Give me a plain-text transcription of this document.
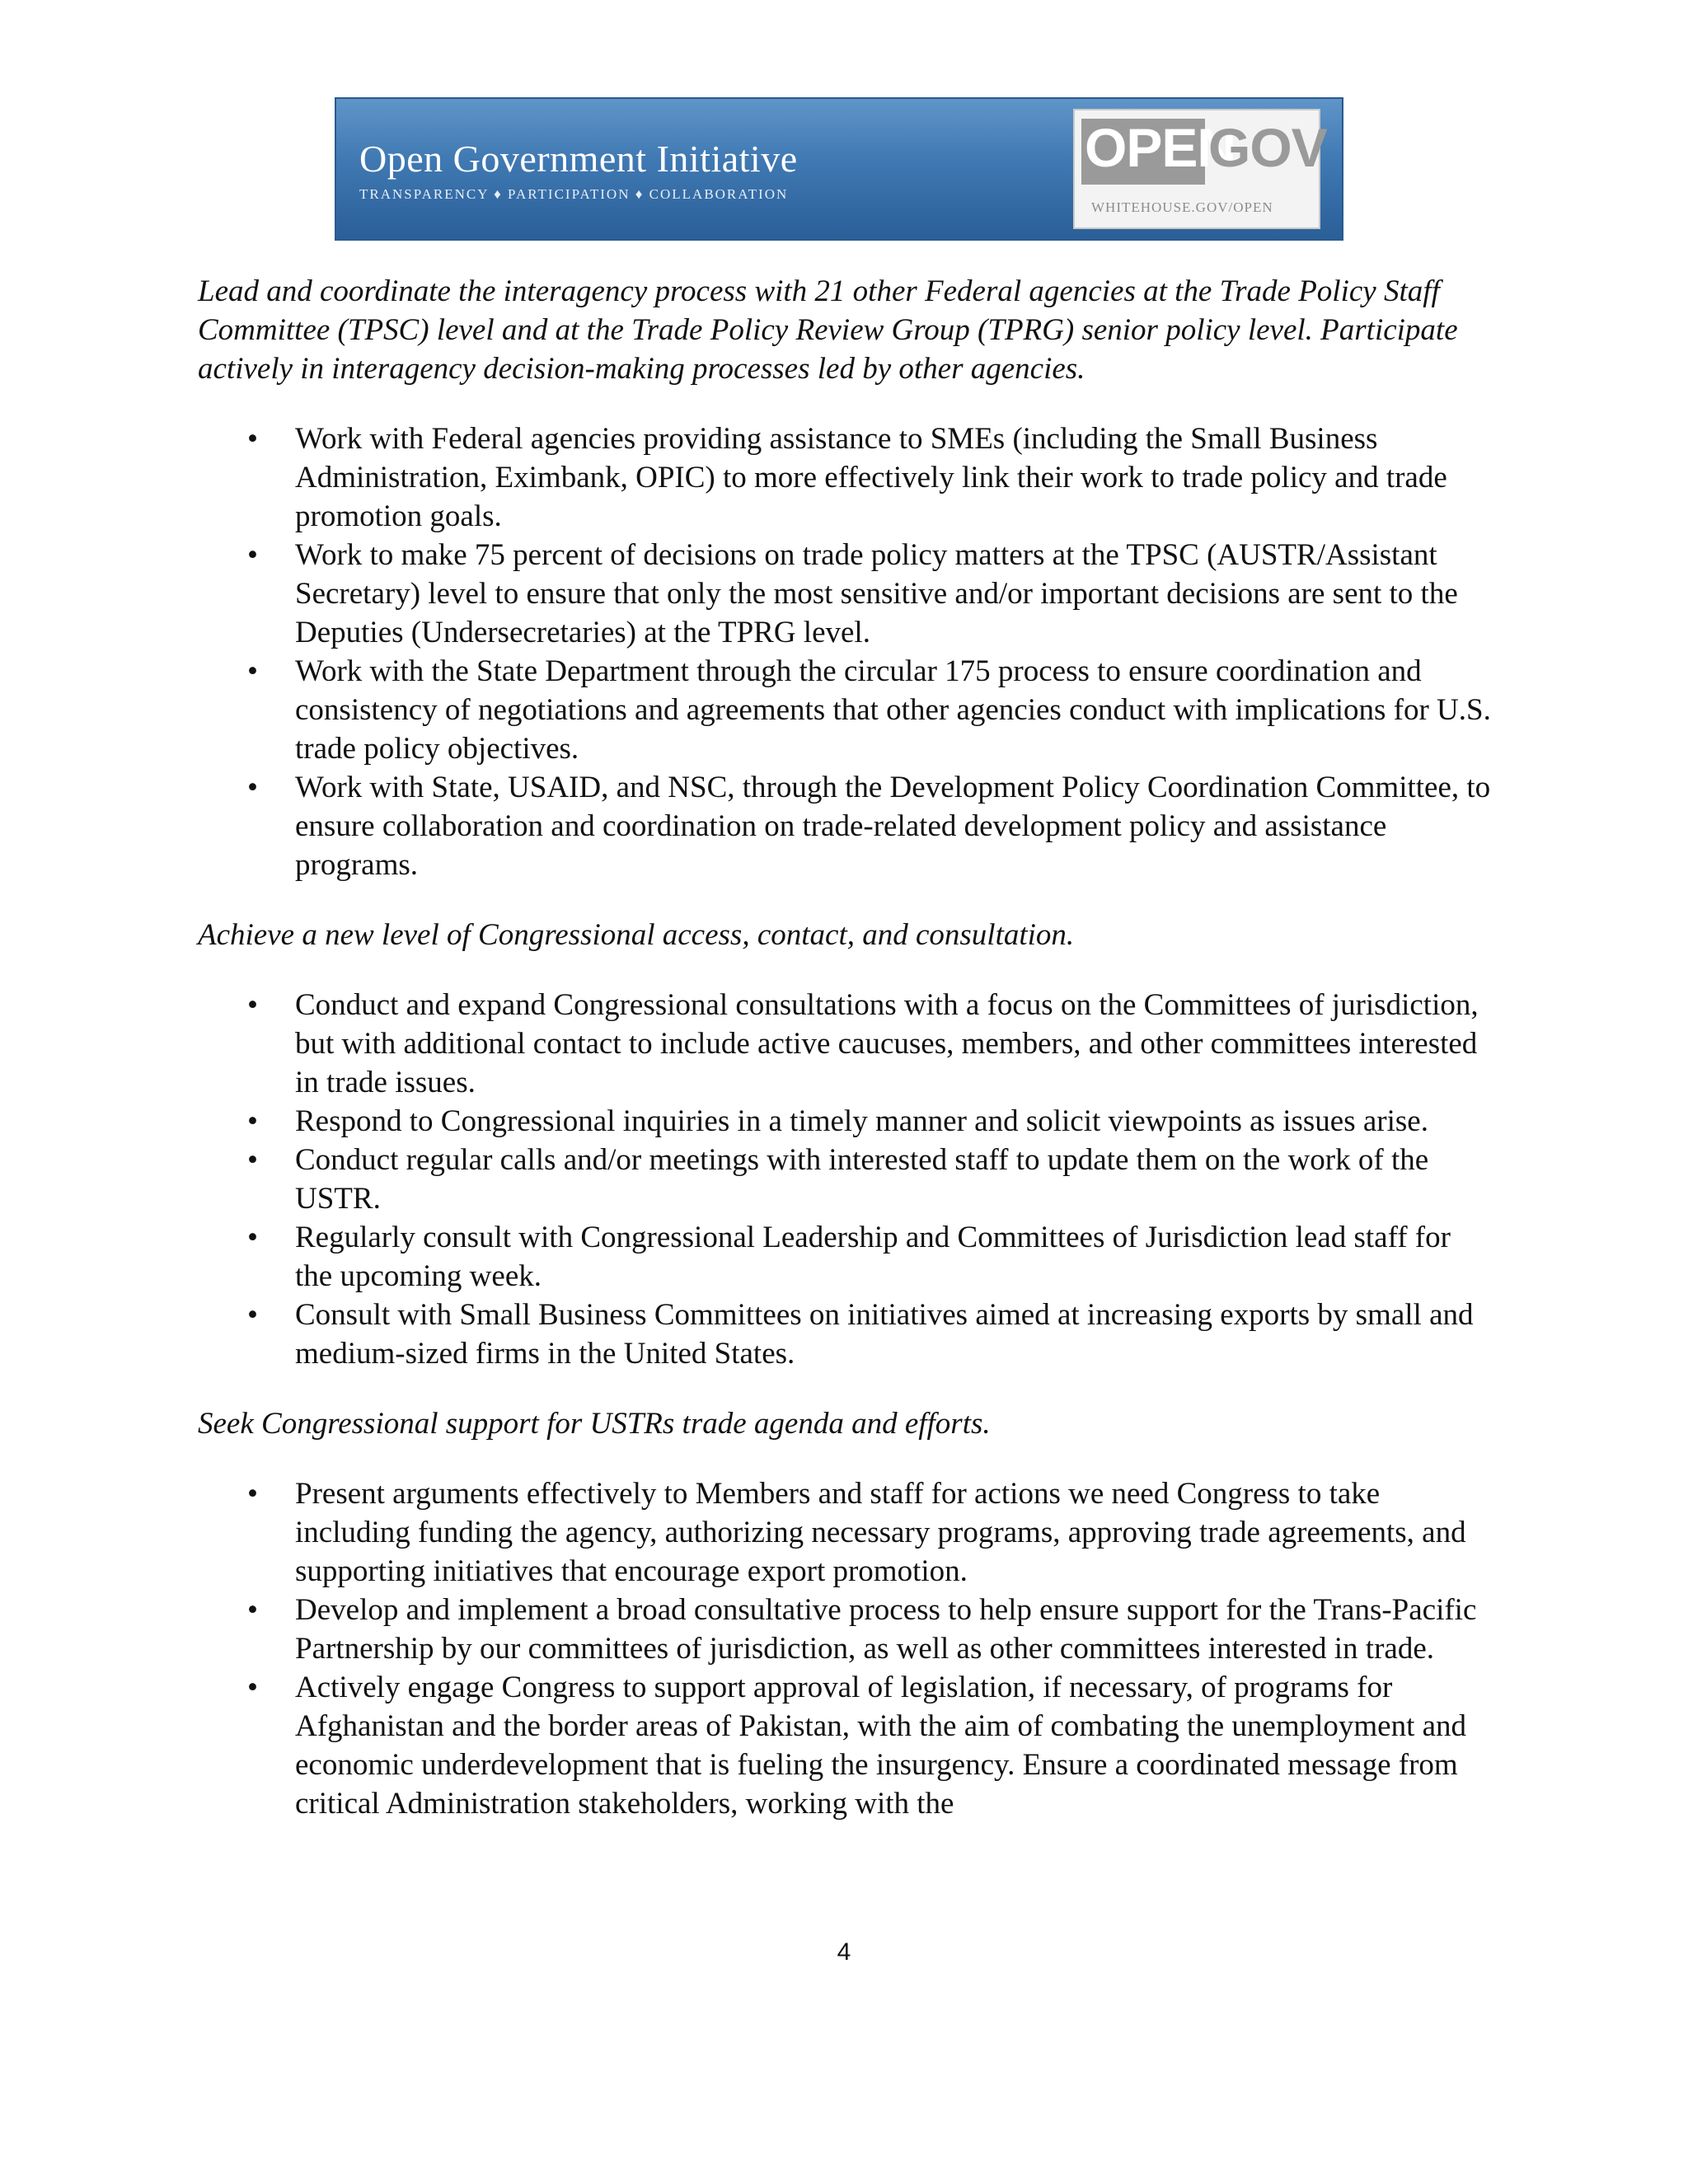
Open Government Initiative
TRANSPARENCY ♦ PARTICIPATION ♦ COLLABORATION
OPEN
GOV
WHITEHOUSE.GOV/OPEN

Lead and coordinate the interagency process with 21 other Federal agencies at the Trade Policy Staff Committee (TPSC) level and at the Trade Policy Review Group (TPRG) senior policy level. Participate actively in interagency decision-making processes led by other agencies.

• Work with Federal agencies providing assistance to SMEs (including the Small Business Administration, Eximbank, OPIC) to more effectively link their work to trade policy and trade promotion goals.
• Work to make 75 percent of decisions on trade policy matters at the TPSC (AUSTR/Assistant Secretary) level to ensure that only the most sensitive and/or important decisions are sent to the Deputies (Undersecretaries) at the TPRG level.
• Work with the State Department through the circular 175 process to ensure coordination and consistency of negotiations and agreements that other agencies conduct with implications for U.S. trade policy objectives.
• Work with State, USAID, and NSC, through the Development Policy Coordination Committee, to ensure collaboration and coordination on trade-related development policy and assistance programs.

Achieve a new level of Congressional access, contact, and consultation.

• Conduct and expand Congressional consultations with a focus on the Committees of jurisdiction, but with additional contact to include active caucuses, members, and other committees interested in trade issues.
• Respond to Congressional inquiries in a timely manner and solicit viewpoints as issues arise.
• Conduct regular calls and/or meetings with interested staff to update them on the work of the USTR.
• Regularly consult with Congressional Leadership and Committees of Jurisdiction lead staff for the upcoming week.
• Consult with Small Business Committees on initiatives aimed at increasing exports by small and medium-sized firms in the United States.

Seek Congressional support for USTRs trade agenda and efforts.

• Present arguments effectively to Members and staff for actions we need Congress to take including funding the agency, authorizing necessary programs, approving trade agreements, and supporting initiatives that encourage export promotion.
• Develop and implement a broad consultative process to help ensure support for the Trans-Pacific Partnership by our committees of jurisdiction, as well as other committees interested in trade.
• Actively engage Congress to support approval of legislation, if necessary, of programs for Afghanistan and the border areas of Pakistan, with the aim of combating the unemployment and economic underdevelopment that is fueling the insurgency. Ensure a coordinated message from critical Administration stakeholders, working with the
4
